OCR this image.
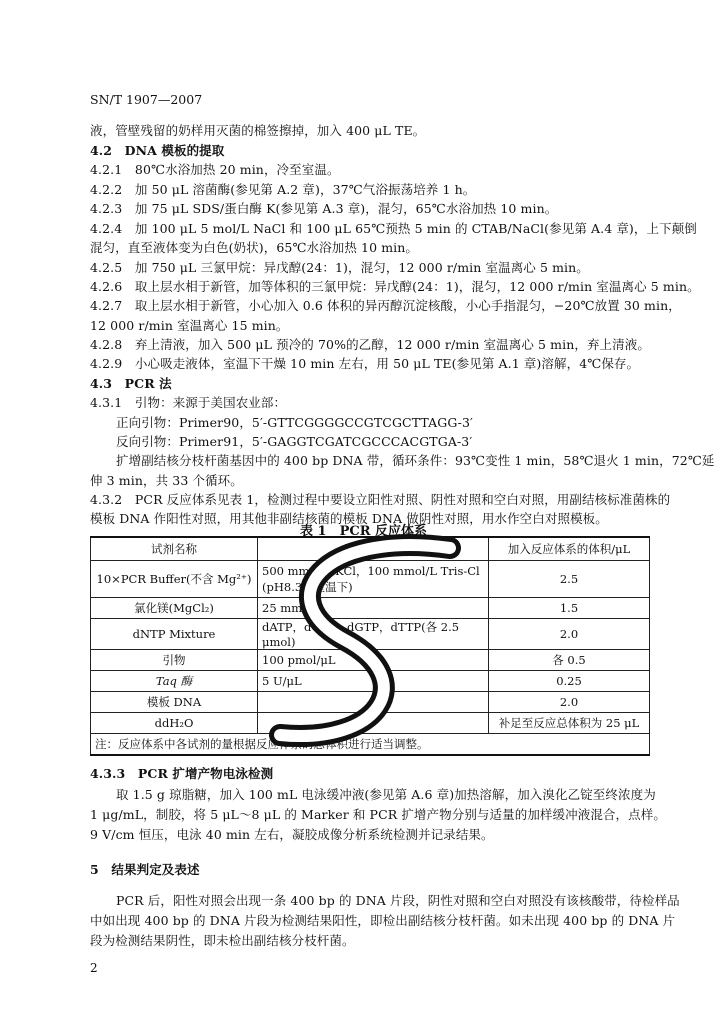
SN/T 1907—2007
液，管壁残留的奶样用灭菌的棉签擦掉，加入 400 μL TE。
4.2　DNA 模板的提取
4.2.1　80℃水浴加热 20 min，冷至室温。
4.2.2　加 50 μL 溶菌酶(参见第 A.2 章)，37℃气浴振荡培养 1 h。
4.2.3　加 75 μL SDS/蛋白酶 K(参见第 A.3 章)，混匀，65℃水浴加热 10 min。
4.2.4　加 100 μL 5 mol/L NaCl 和 100 μL 65℃预热 5 min 的 CTAB/NaCl(参见第 A.4 章)，上下颠倒
混匀，直至液体变为白色(奶状)，65℃水浴加热 10 min。
4.2.5　加 750 μL 三氯甲烷：异戊醇(24：1)，混匀，12 000 r/min 室温离心 5 min。
4.2.6　取上层水相于新管，加等体积的三氯甲烷：异戊醇(24：1)，混匀，12 000 r/min 室温离心 5 min。
4.2.7　取上层水相于新管，小心加入 0.6 体积的异丙醇沉淀核酸，小心手指混匀，−20℃放置 30 min，
12 000 r/min 室温离心 15 min。
4.2.8　弃上清液，加入 500 μL 预冷的 70%的乙醇，12 000 r/min 室温离心 5 min，弃上清液。
4.2.9　小心吸走液体，室温下干燥 10 min 左右，用 50 μL TE(参见第 A.1 章)溶解，4℃保存。
4.3　PCR 法
4.3.1　引物：来源于美国农业部：
正向引物：Primer90，5′-GTTCGGGGCCGTCGCTTAGG-3′
反向引物：Primer91，5′-GAGGTCGATCGCCCACGTGA-3′
扩增副结核分枝杆菌基因中的 400 bp DNA 带，循环条件：93℃变性 1 min，58℃退火 1 min，72℃延
伸 3 min，共 33 个循环。
4.3.2　PCR 反应体系见表 1，检测过程中要设立阳性对照、阴性对照和空白对照，用副结核标准菌株的
模板 DNA 作阳性对照，用其他非副结核菌的模板 DNA 做阴性对照，用水作空白对照模板。
表 1　PCR 反应体系
试剂名称	贮备液浓度	加入反应体系的体积/μL
10×PCR Buffer(不含 Mg²⁺)	500 mmol/L KCl，100 mmol/L Tris-Cl
(pH8.3，室温下)	2.5
氯化镁(MgCl₂)	25 mmol/L	1.5
dNTP Mixture	dATP，dCTP，dGTP，dTTP(各 2.5 μmol)	2.0
引物	100 pmol/μL	各 0.5
Taq 酶	5 U/μL	0.25
模板 DNA		2.0
ddH₂O		补足至反应总体积为 25 μL
注：反应体系中各试剂的量根据反应体系的总体积进行适当调整。		
4.3.3　PCR 扩增产物电泳检测
取 1.5 g 琼脂糖，加入 100 mL 电泳缓冲液(参见第 A.6 章)加热溶解，加入溴化乙锭至终浓度为
1 μg/mL，制胶，将 5 μL～8 μL 的 Marker 和 PCR 扩增产物分别与适量的加样缓冲液混合，点样。
9 V/cm 恒压，电泳 40 min 左右，凝胶成像分析系统检测并记录结果。
5　结果判定及表述
PCR 后，阳性对照会出现一条 400 bp 的 DNA 片段，阴性对照和空白对照没有该核酸带，待检样品
中如出现 400 bp 的 DNA 片段为检测结果阳性，即检出副结核分枝杆菌。如未出现 400 bp 的 DNA 片
段为检测结果阴性，即未检出副结核分枝杆菌。
2
